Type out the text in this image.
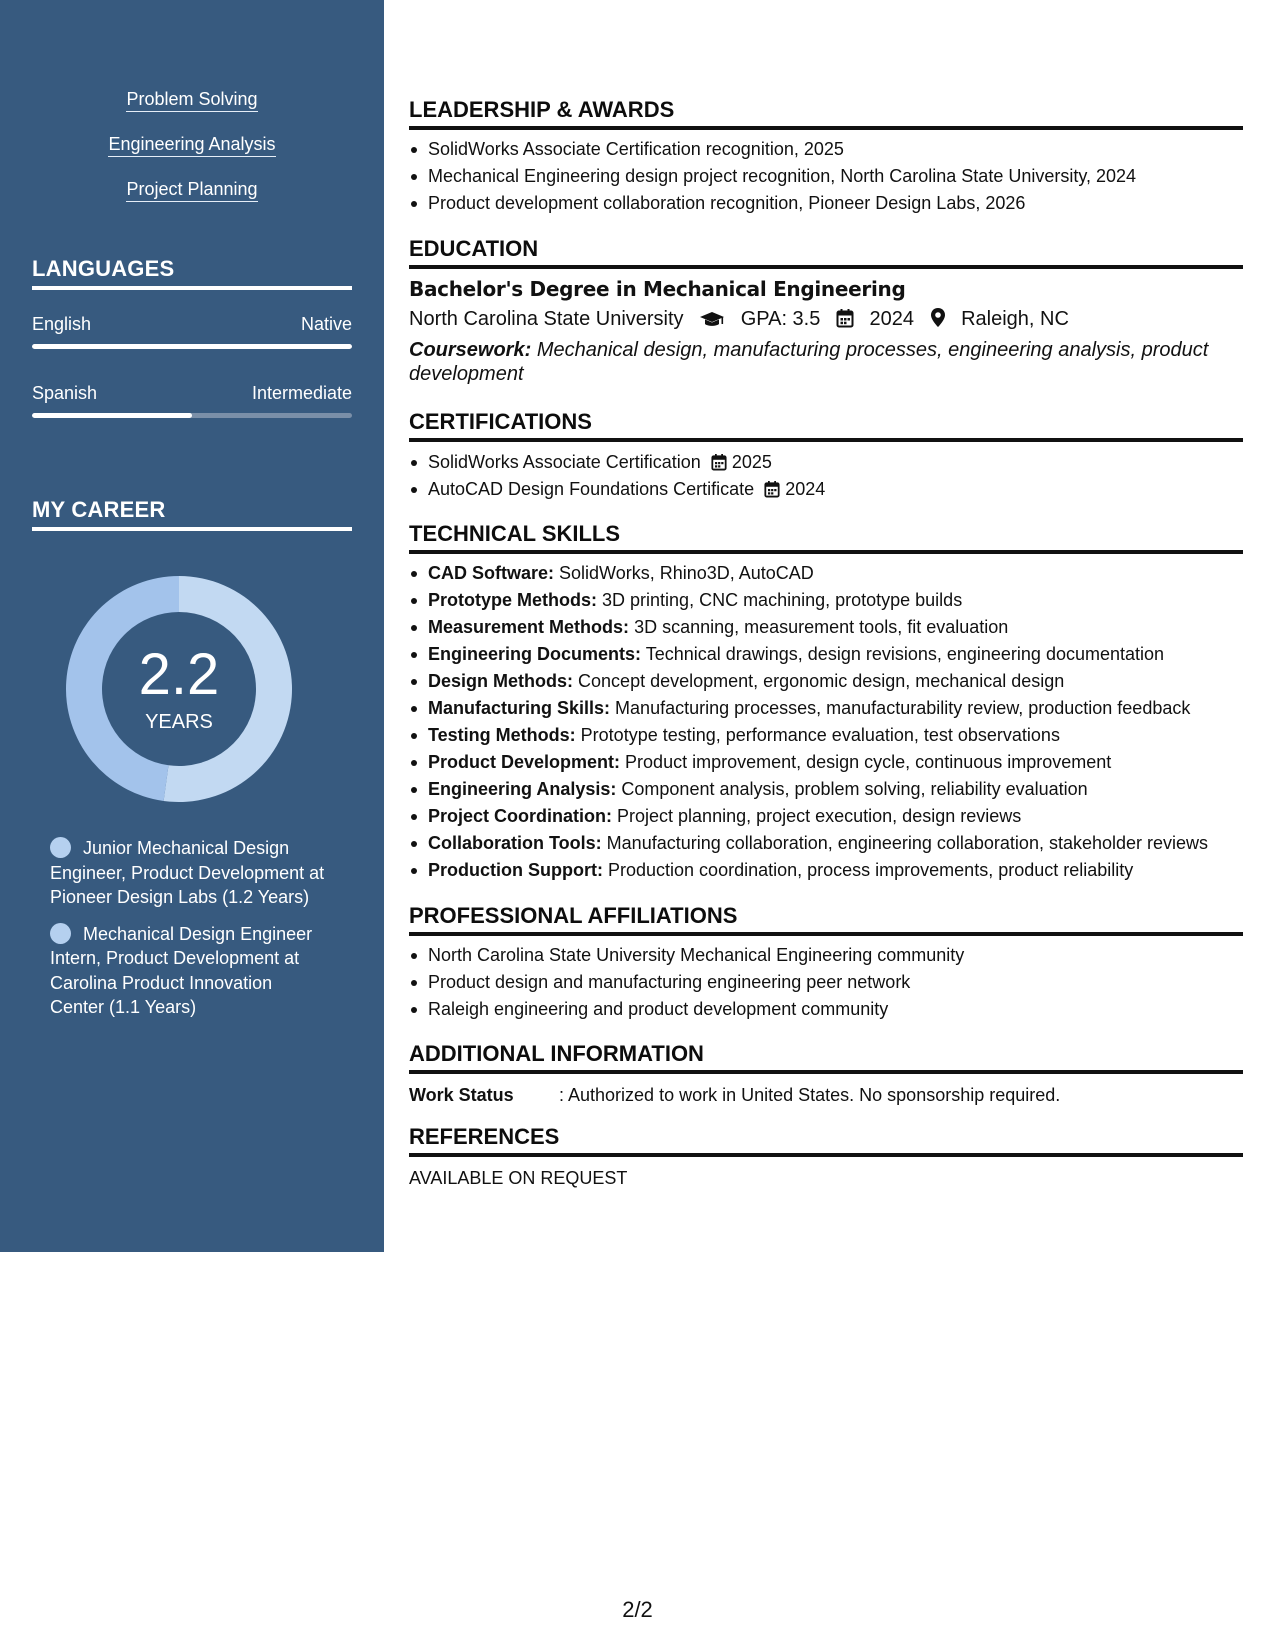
Problem Solving
Engineering Analysis
Project Planning
LANGUAGES
English	Native
Spanish	Intermediate
MY CAREER
2.2
YEARS
Junior Mechanical Design Engineer, Product Development at Pioneer Design Labs (1.2 Years)
Mechanical Design Engineer Intern, Product Development at Carolina Product Innovation Center (1.1 Years)
LEADERSHIP & AWARDS
SolidWorks Associate Certification recognition, 2025
Mechanical Engineering design project recognition, North Carolina State University, 2024
Product development collaboration recognition, Pioneer Design Labs, 2026
EDUCATION
Bachelor's Degree in Mechanical Engineering
North Carolina State University	GPA: 3.5 2024 Raleigh, NC
Coursework: Mechanical design, manufacturing processes, engineering analysis, product development
CERTIFICATIONS
SolidWorks Associate Certification 2025
AutoCAD Design Foundations Certificate 2024
TECHNICAL SKILLS
CAD Software: SolidWorks, Rhino3D, AutoCAD
Prototype Methods: 3D printing, CNC machining, prototype builds
Measurement Methods: 3D scanning, measurement tools, fit evaluation
Engineering Documents: Technical drawings, design revisions, engineering documentation
Design Methods: Concept development, ergonomic design, mechanical design
Manufacturing Skills: Manufacturing processes, manufacturability review, production feedback
Testing Methods: Prototype testing, performance evaluation, test observations
Product Development: Product improvement, design cycle, continuous improvement
Engineering Analysis: Component analysis, problem solving, reliability evaluation
Project Coordination: Project planning, project execution, design reviews
Collaboration Tools: Manufacturing collaboration, engineering collaboration, stakeholder reviews
Production Support: Production coordination, process improvements, product reliability
PROFESSIONAL AFFILIATIONS
North Carolina State University Mechanical Engineering community
Product design and manufacturing engineering peer network
Raleigh engineering and product development community
ADDITIONAL INFORMATION
Work Status	: Authorized to work in United States. No sponsorship required.
REFERENCES
AVAILABLE ON REQUEST
2/2
